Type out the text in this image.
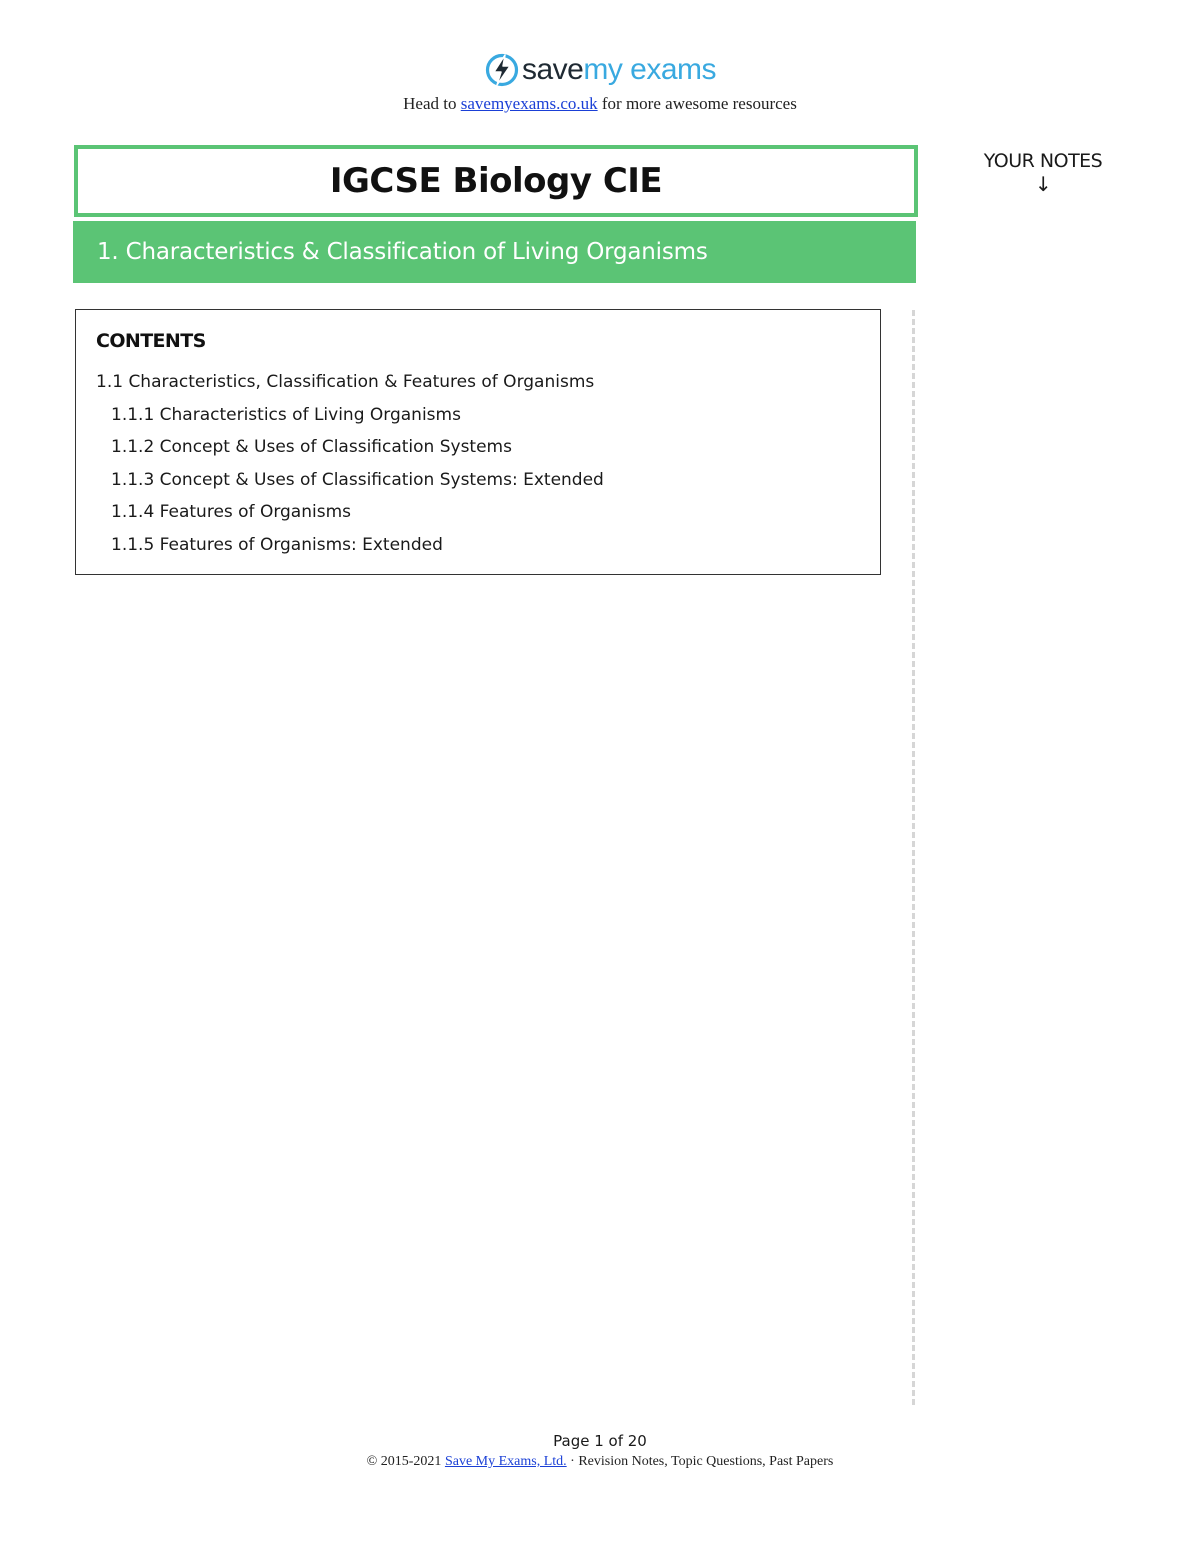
savemy exams
Head to savemyexams.co.uk for more awesome resources
IGCSE Biology CIE
1. Characteristics & Classification of Living Organisms
YOUR NOTES
↓
CONTENTS
1.1 Characteristics, Classification & Features of Organisms
1.1.1 Characteristics of Living Organisms
1.1.2 Concept & Uses of Classification Systems
1.1.3 Concept & Uses of Classification Systems: Extended
1.1.4 Features of Organisms
1.1.5 Features of Organisms: Extended
Page 1 of 20
© 2015-2021 Save My Exams, Ltd. · Revision Notes, Topic Questions, Past Papers
